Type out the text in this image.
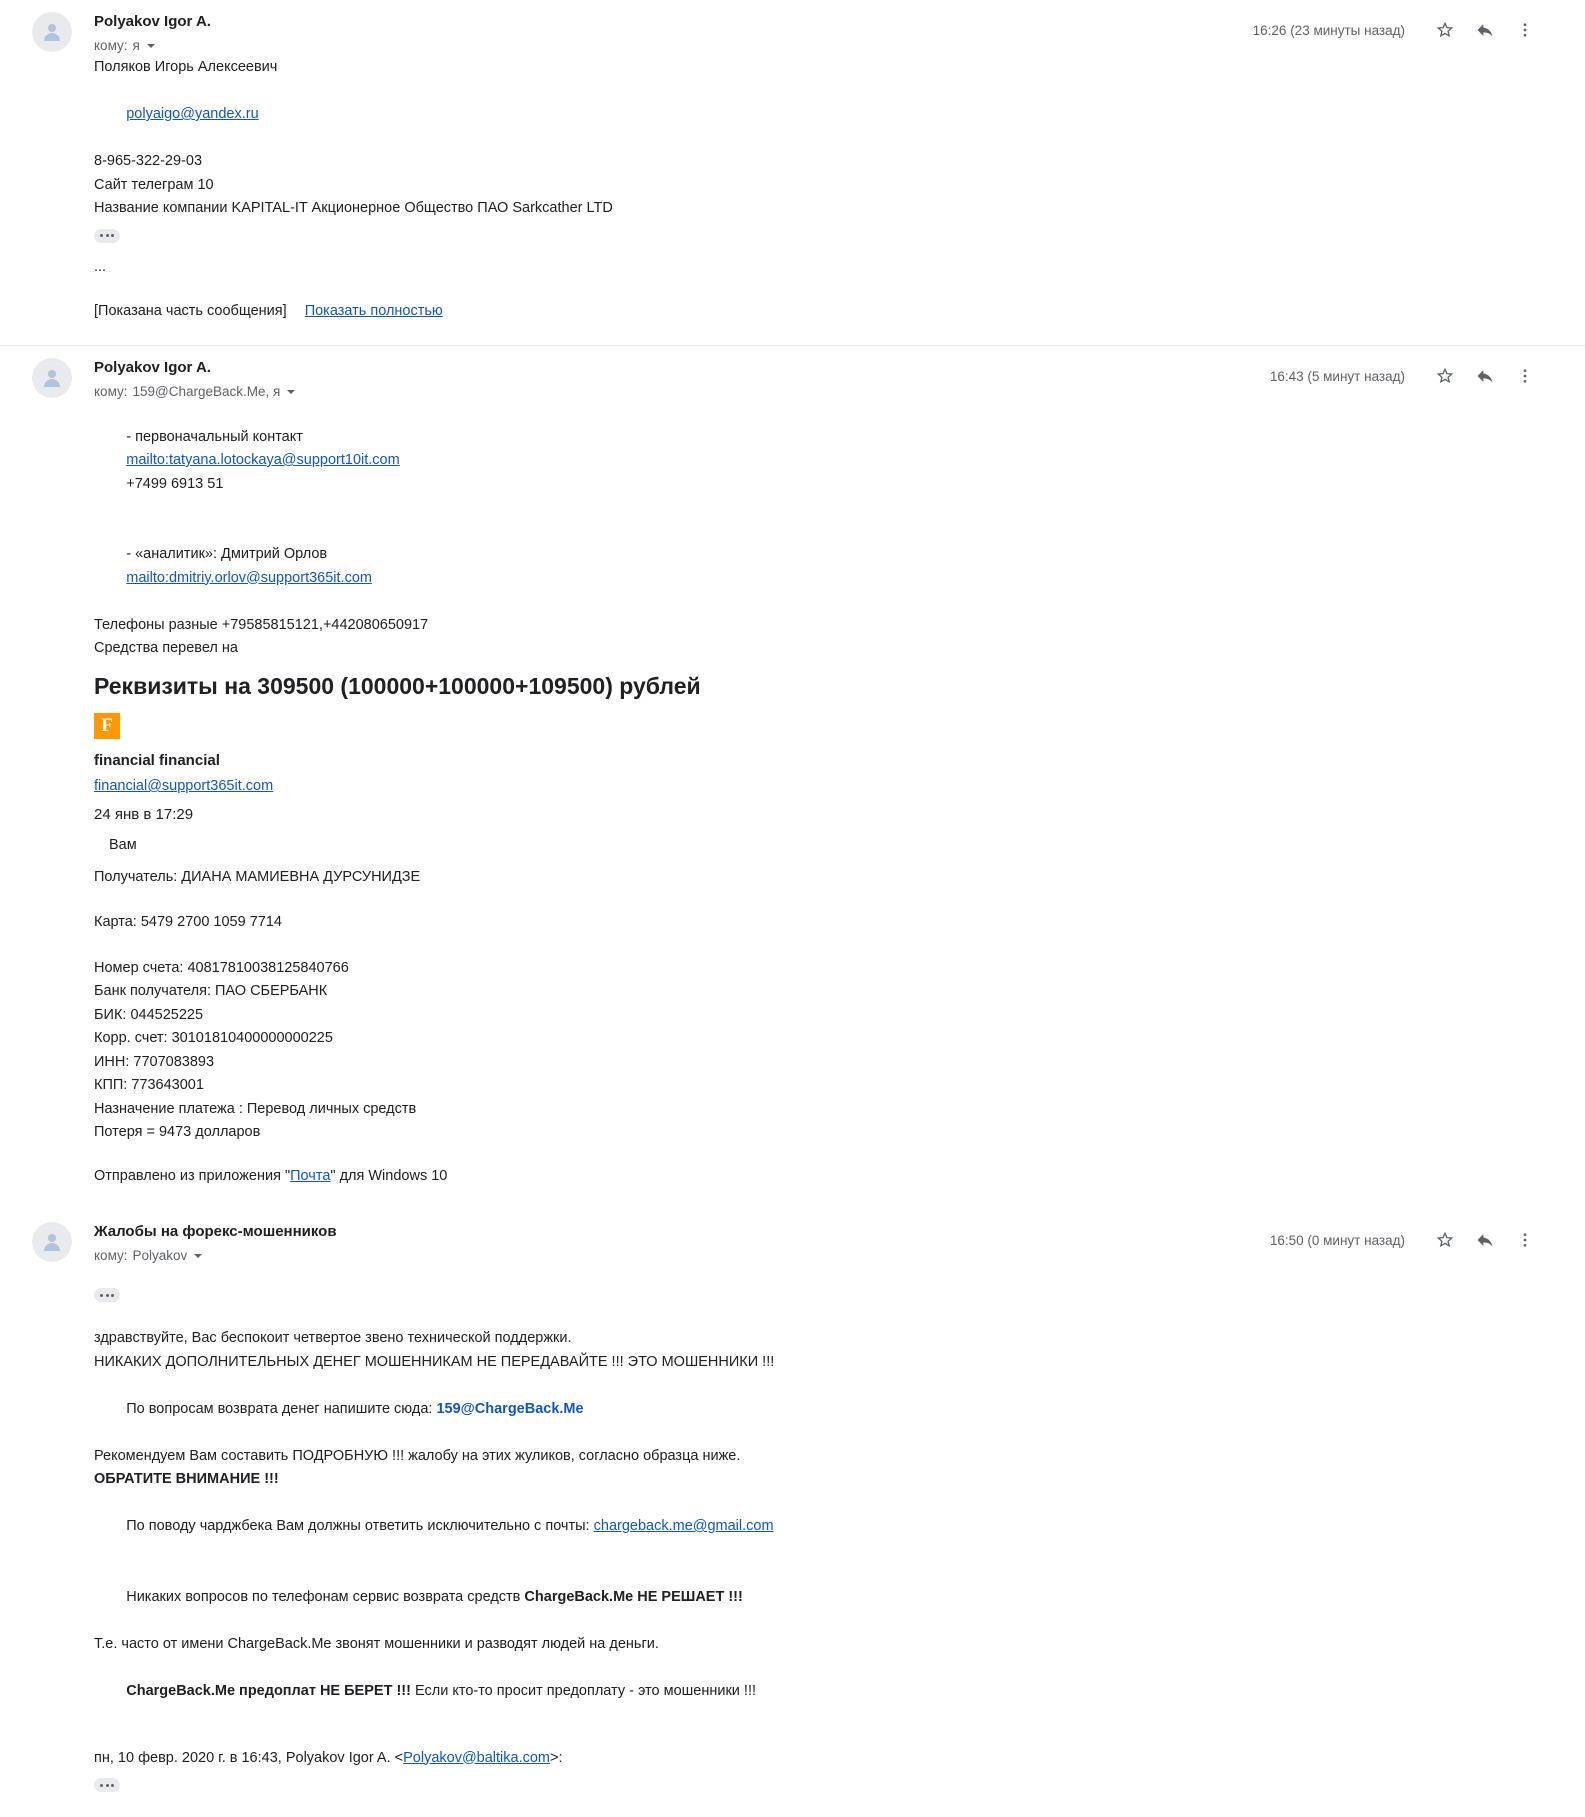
Polyakov Igor A.
кому: я
16:26 (23 минуты назад)
Поляков Игорь Алексеевич

polyaigo@yandex.ru

8-965-322-29-03
Сайт телеграм 10
Название компании KAPITAL-IT Акционерное Общество ПАО Sarkcather LTD
...
[Показана часть сообщения] Показать полностью
Polyakov Igor A.
кому: 159@ChargeBack.Me, я
16:43 (5 минут назад)

- первоначальный контакт
mailto:tatyana.lotockaya@support10it.com
+7499 6913 51

- «аналитик»: Дмитрий Орлов
mailto:dmitriy.orlov@support365it.com

Телефоны разные +79585815121,+442080650917
Средства перевел на
Реквизиты на 309500 (100000+100000+109500) рублей
F
financial financial
financial@support365it.com
24 янв в 17:29
Вам
Получатель: ДИАНА МАМИЕВНА ДУРСУНИДЗЕ
Карта: 5479 2700 1059 7714
Номер счета: 40817810038125840766
Банк получателя: ПАО СБЕРБАНК
БИК: 044525225
Корр. счет: 30101810400000000225
ИНН: 7707083893
КПП: 773643001
Назначение платежа : Перевод личных средств
Потеря = 9473 долларов
Отправлено из приложения "Почта" для Windows 10
Жалобы на форекс-мошенников
кому: Polyakov
16:50 (0 минут назад)
здравствуйте, Вас беспокоит четвертое звено технической поддержки.
НИКАКИХ ДОПОЛНИТЕЛЬНЫХ ДЕНЕГ МОШЕННИКАМ НЕ ПЕРЕДАВАЙТЕ !!! ЭТО МОШЕННИКИ !!!

По вопросам возврата денег напишите сюда: 159@ChargeBack.Me

Рекомендуем Вам составить ПОДРОБНУЮ !!! жалобу на этих жуликов, согласно образца ниже.
ОБРАТИТЕ ВНИМАНИЕ !!!

По поводу чарджбека Вам должны ответить исключительно с почты: chargeback.me@gmail.com

Никаких вопросов по телефонам сервис возврата средств ChargeBack.Me НЕ РЕШАЕТ !!!

Т.е. часто от имени ChargeBack.Me звонят мошенники и разводят людей на деньги.

ChargeBack.Me предоплат НЕ БЕРЕТ !!! Если кто-то просит предоплату - это мошенники !!!

пн, 10 февр. 2020 г. в 16:43, Polyakov Igor A. <Polyakov@baltika.com>:
